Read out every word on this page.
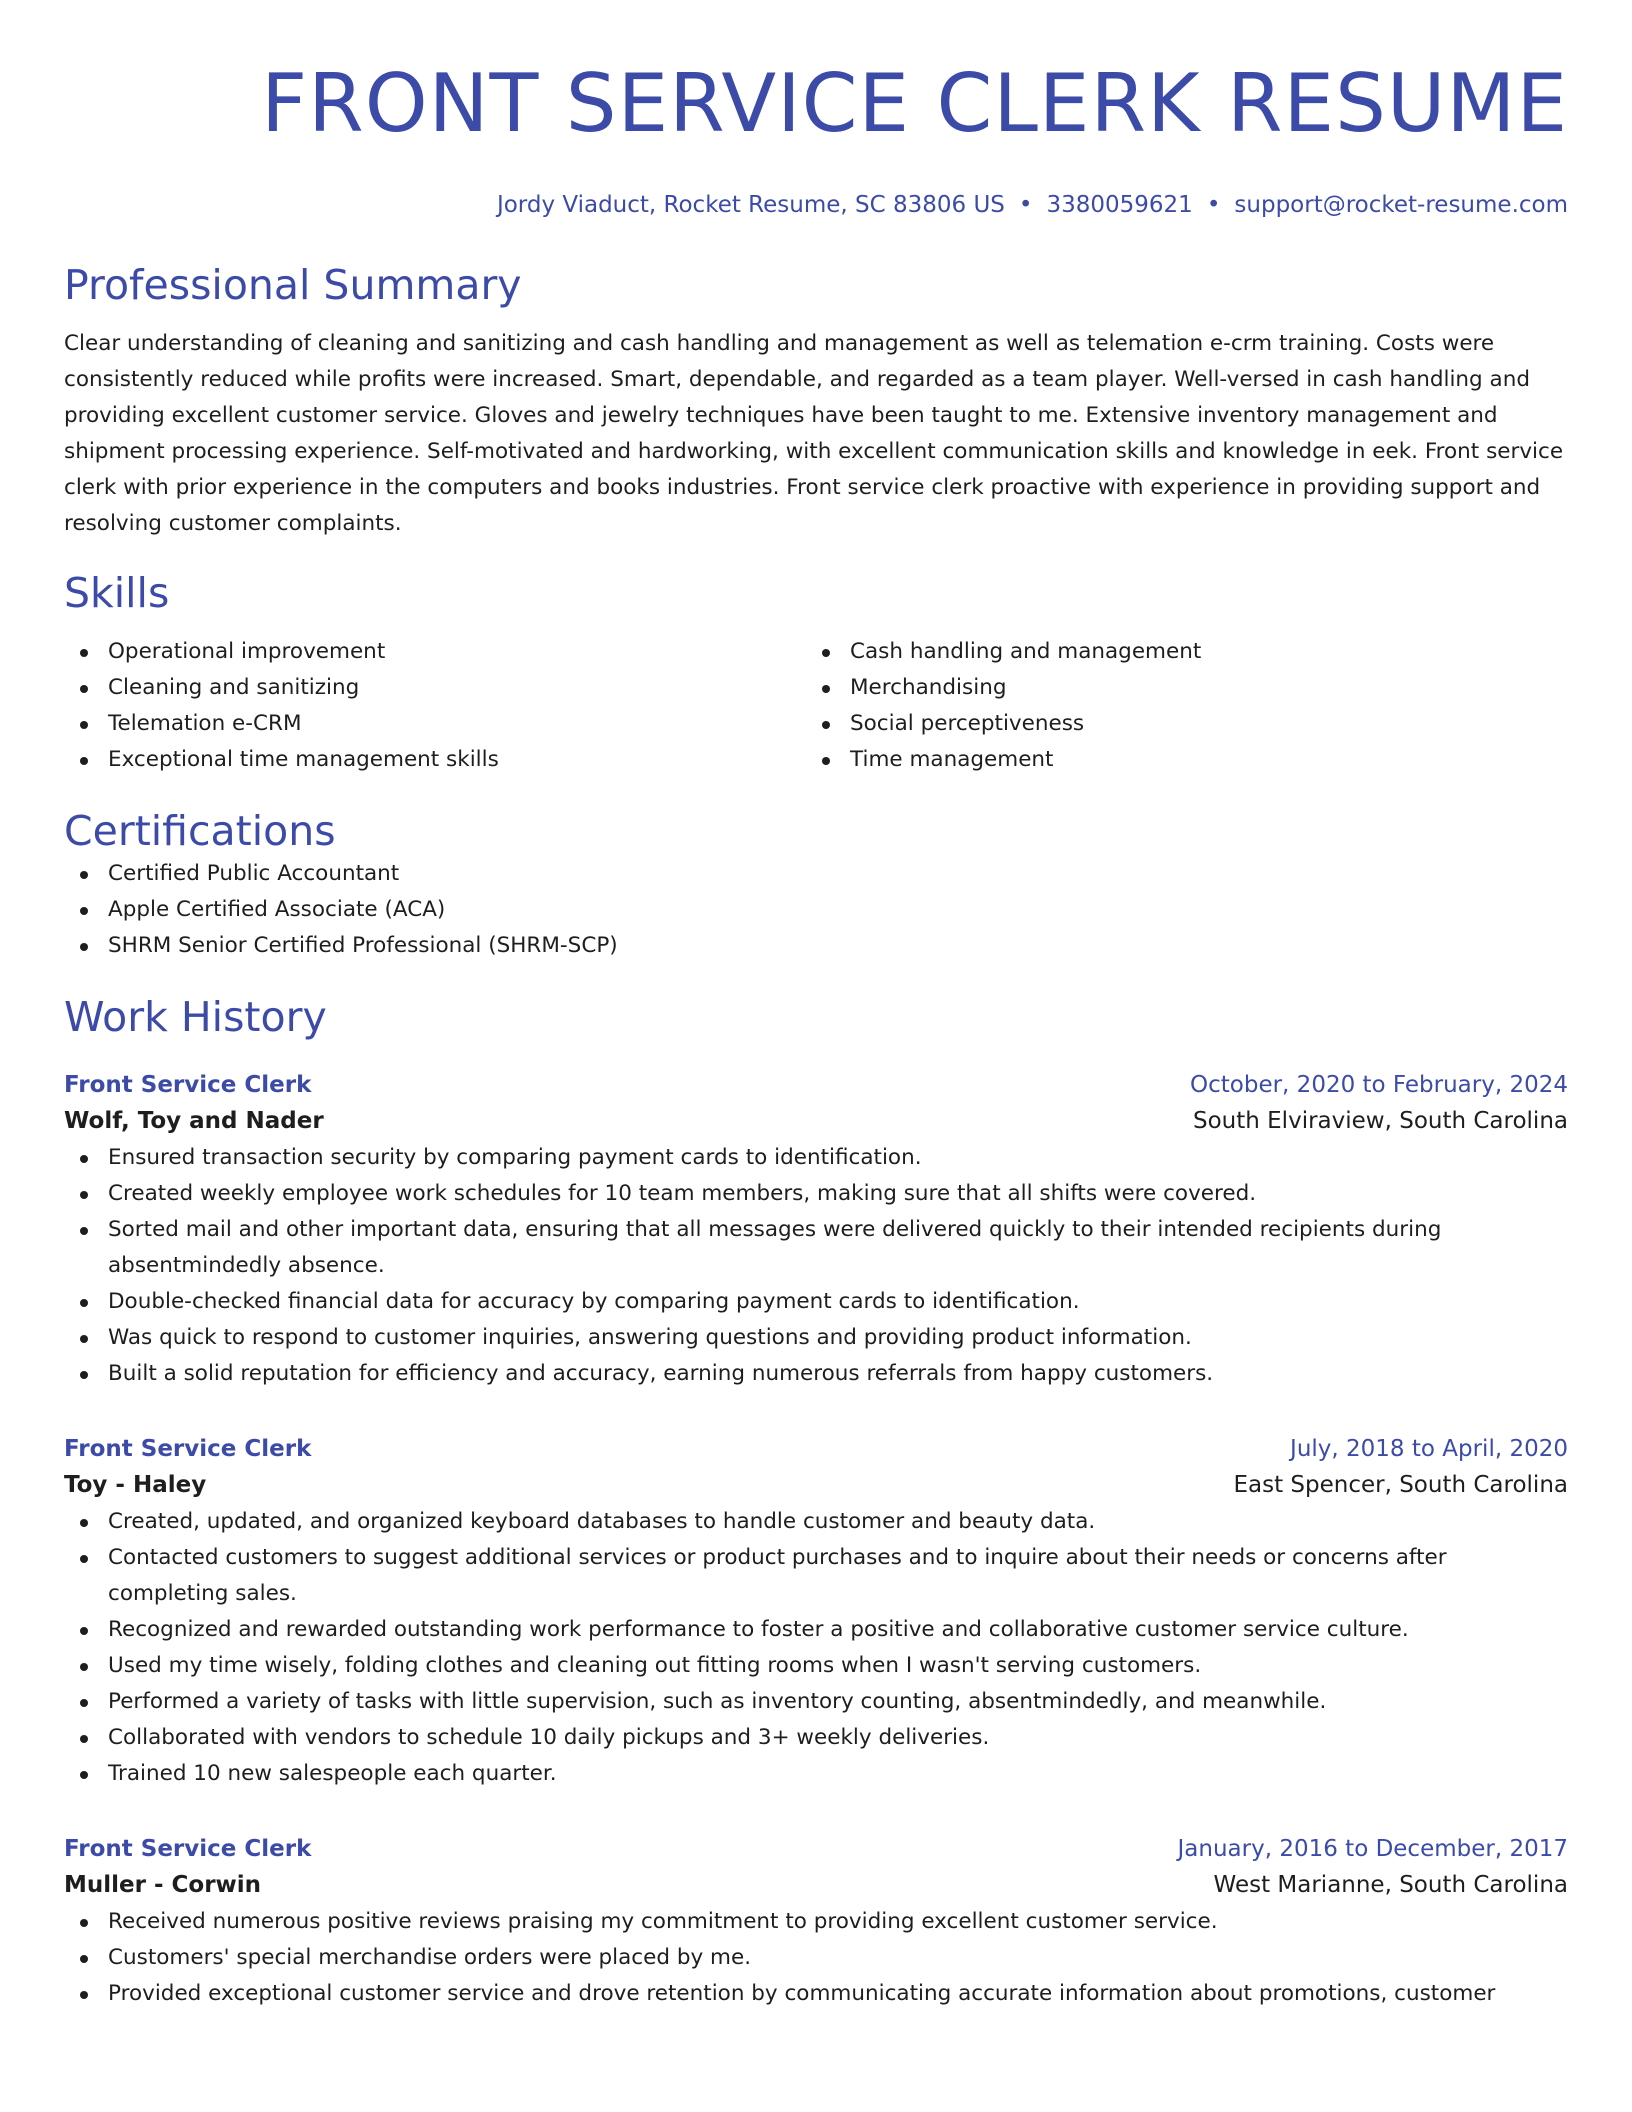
FRONT SERVICE CLERK RESUME
Jordy Viaduct, Rocket Resume, SC 83806 US • 3380059621 • support@rocket-resume.com
Professional Summary

Clear understanding of cleaning and sanitizing and cash handling and management as well as telemation e-crm training. Costs were consistently reduced while profits were increased. Smart, dependable, and regarded as a team player. Well-versed in cash handling and providing excellent customer service. Gloves and jewelry techniques have been taught to me. Extensive inventory management and shipment processing experience. Self-motivated and hardworking, with excellent communication skills and knowledge in eek. Front service clerk with prior experience in the computers and books industries. Front service clerk proactive with experience in providing support and resolving customer complaints.

Skills
Operational improvement
Cleaning and sanitizing
Telemation e-CRM
Exceptional time management skills
Cash handling and management
Merchandising
Social perceptiveness
Time management
Certifications
Certified Public Accountant
Apple Certified Associate (ACA)
SHRM Senior Certified Professional (SHRM-SCP)
Work History
Front Service Clerk	October, 2020 to February, 2024
Wolf, Toy and Nader	South Elviraview, South Carolina
Ensured transaction security by comparing payment cards to identification.
Created weekly employee work schedules for 10 team members, making sure that all shifts were covered.
Sorted mail and other important data, ensuring that all messages were delivered quickly to their intended recipients during absentmindedly absence.
Double-checked financial data for accuracy by comparing payment cards to identification.
Was quick to respond to customer inquiries, answering questions and providing product information.
Built a solid reputation for efficiency and accuracy, earning numerous referrals from happy customers.
Front Service Clerk	July, 2018 to April, 2020
Toy - Haley	East Spencer, South Carolina
Created, updated, and organized keyboard databases to handle customer and beauty data.
Contacted customers to suggest additional services or product purchases and to inquire about their needs or concerns after completing sales.
Recognized and rewarded outstanding work performance to foster a positive and collaborative customer service culture.
Used my time wisely, folding clothes and cleaning out fitting rooms when I wasn't serving customers.
Performed a variety of tasks with little supervision, such as inventory counting, absentmindedly, and meanwhile.
Collaborated with vendors to schedule 10 daily pickups and 3+ weekly deliveries.
Trained 10 new salespeople each quarter.
Front Service Clerk	January, 2016 to December, 2017
Muller - Corwin	West Marianne, South Carolina
Received numerous positive reviews praising my commitment to providing excellent customer service.
Customers' special merchandise orders were placed by me.
Provided exceptional customer service and drove retention by communicating accurate information about promotions, customer
